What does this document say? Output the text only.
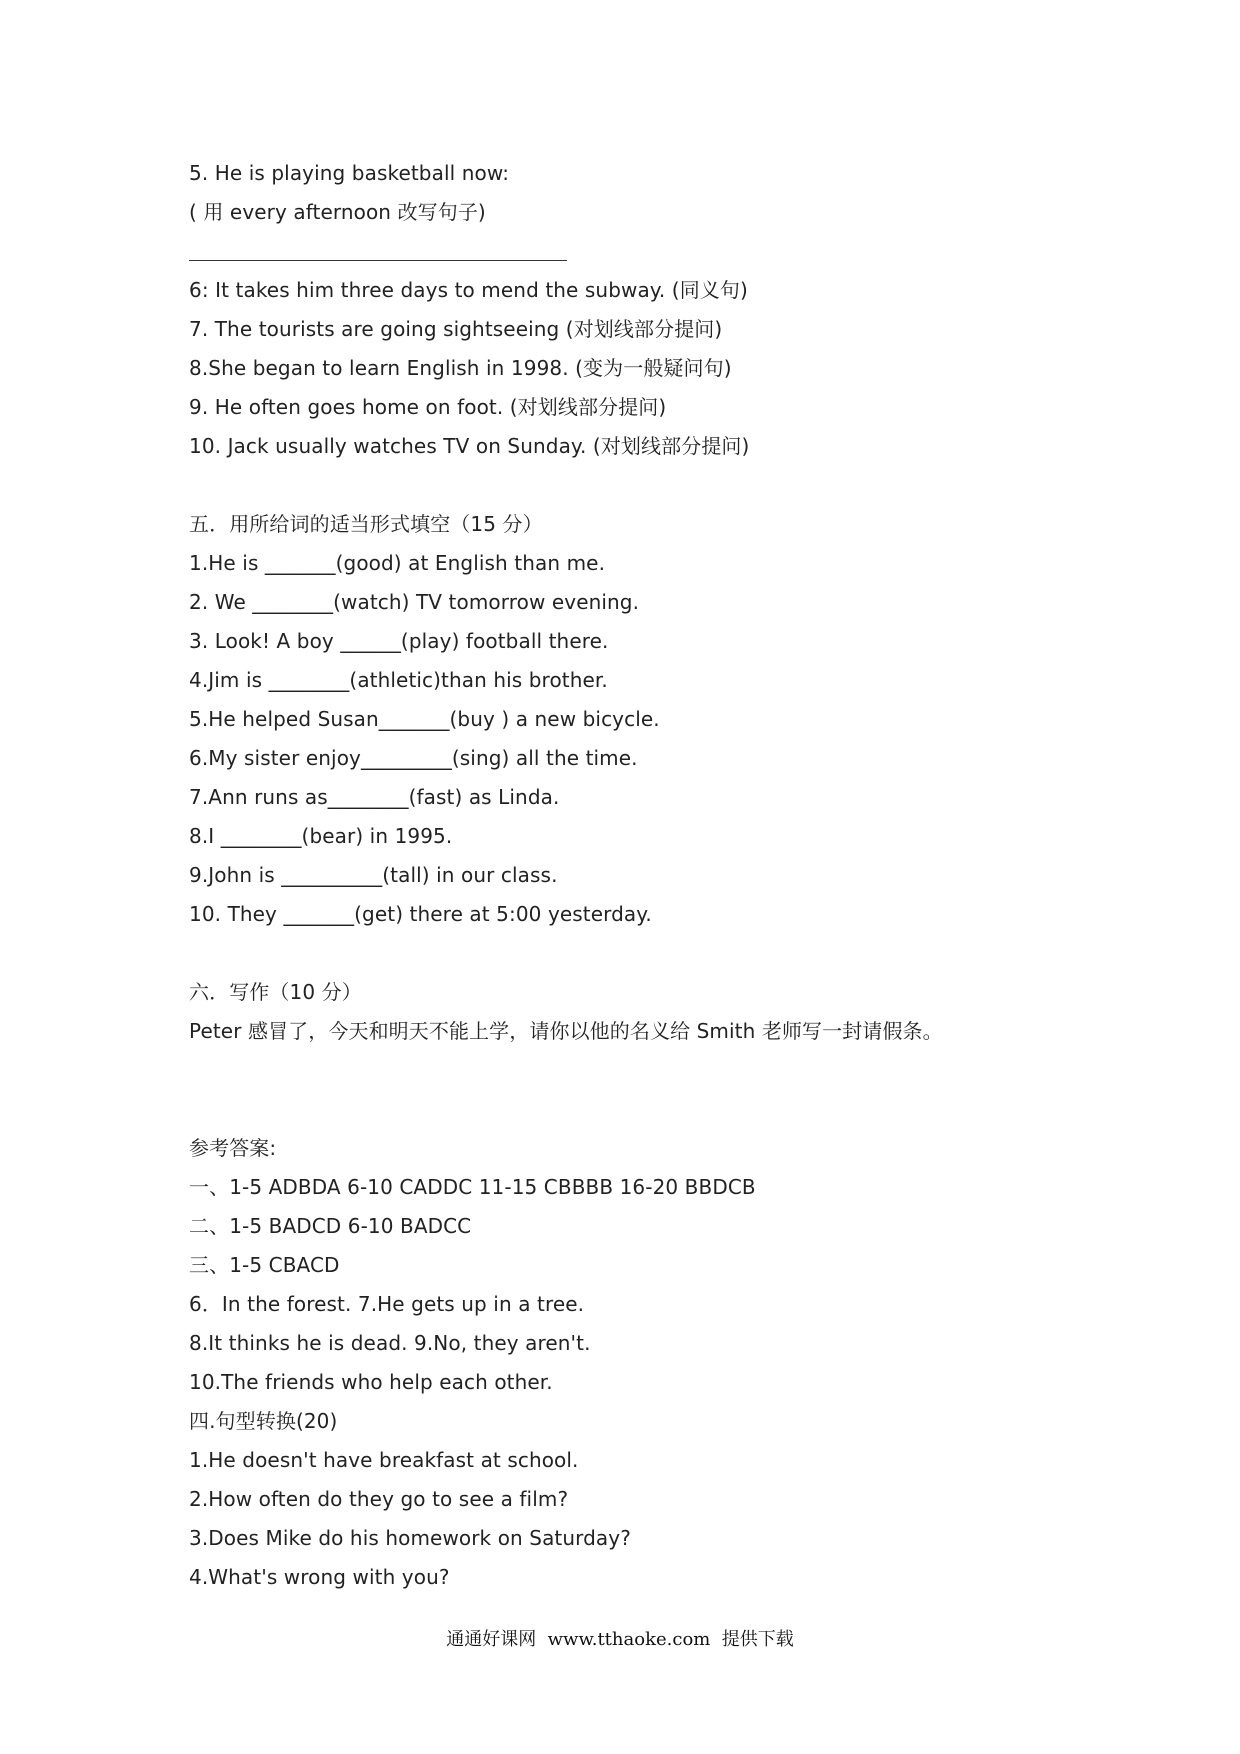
5. He is playing basketball now:
( 用 every afternoon 改写句子)
6: It takes him three days to mend the subway. (同义句)
7. The tourists are going sightseeing (对划线部分提问)
8.She began to learn English in 1998. (变为一般疑问句)
9. He often goes home on foot. (对划线部分提问)
10. Jack usually watches TV on Sunday. (对划线部分提问)
五．用所给词的适当形式填空（15 分）
1.He is _______(good) at English than me.
2. We ________(watch) TV tomorrow evening.
3. Look! A boy ______(play) football there.
4.Jim is ________(athletic)than his brother.
5.He helped Susan_______(buy ) a new bicycle.
6.My sister enjoy_________(sing) all the time.
7.Ann runs as________(fast) as Linda.
8.I ________(bear) in 1995.
9.John is __________(tall) in our class.
10. They _______(get) there at 5:00 yesterday.
六．写作（10 分）
Peter 感冒了，今天和明天不能上学，请你以他的名义给 Smith 老师写一封请假条。
参考答案:
一、1-5 ADBDA 6-10 CADDC 11-15 CBBBB 16-20 BBDCB
二、1-5 BADCD 6-10 BADCC
三、1-5 CBACD
6．In the forest. 7.He gets up in a tree.
8.It thinks he is dead. 9.No, they aren't.
10.The friends who help each other.
四.句型转换(20)
1.He doesn't have breakfast at school.
2.How often do they go to see a film?
3.Does Mike do his homework on Saturday?
4.What's wrong with you?
通通好课网  www.tthaoke.com  提供下载
